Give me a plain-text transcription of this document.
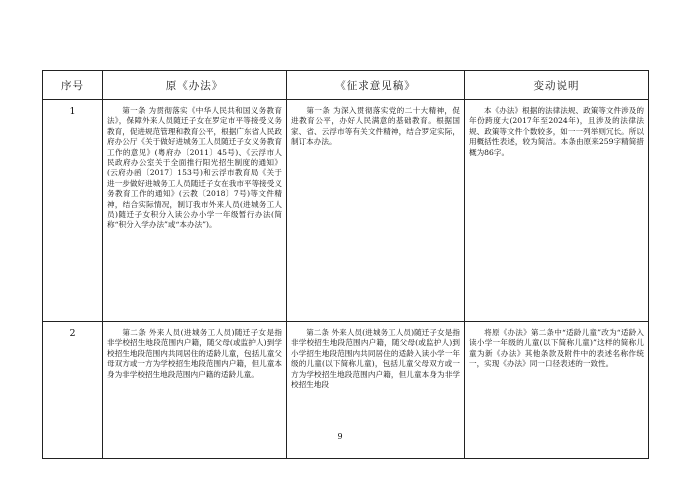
序号	原《办法》	《征求意见稿》	变动说明
1	第一条 为贯彻落实《中华人民共和国义务教育法》，保障外来人员随迁子女在罗定市平等接受义务教育，促进规范管理和教育公平，根据广东省人民政府办公厅《关于做好进城务工人员随迁子女义务教育工作的意见》(粤府办〔2011〕45号)、《云浮市人民政府办公室关于全面推行阳光招生制度的通知》(云府办函〔2017〕153号)和云浮市教育局《关于进一步做好进城务工人员随迁子女在我市平等接受义务教育工作的通知》(云教〔2018〕7号)等文件精神，结合实际情况，制订我市外来人员(进城务工人员)随迁子女积分入读公办小学一年级暂行办法(简称“积分入学办法”或“本办法”)。	第一条 为深入贯彻落实党的二十大精神，促进教育公平，办好人民满意的基础教育。根据国家、省、云浮市等有关文件精神，结合罗定实际，制订本办法。	本《办法》根据的法律法规、政策等文件涉及的年份跨度大(2017年至2024年)，且涉及的法律法规、政策等文件个数较多，如一一列举则冗长。所以用概括性表述，较为简洁。本条由原来259字精简措概为86字。
2	第二条 外来人员(进城务工人员)随迁子女是指非学校招生地段范围内户籍，随父母(或监护人)到学校招生地段范围内共同居住的适龄儿童，包括儿童父母双方或一方为学校招生地段范围内户籍，但儿童本身为非学校招生地段范围内户籍的适龄儿童。	第二条 外来人员(进城务工人员)随迁子女是指非学校招生地段范围内户籍，随父母(或监护人)到小学招生地段范围内共同居住的适龄入读小学一年级的儿童(以下简称儿童)，包括儿童父母双方或一方为学校招生地段范围内户籍，但儿童本身为非学校招生地段	将原《办法》第二条中“适龄儿童”改为“适龄入读小学一年级的儿童(以下简称儿童)”这样的简称儿童为新《办法》其他条款及附件中的表述名称作统一，实现《办法》同一口径表述的一致性。
9
